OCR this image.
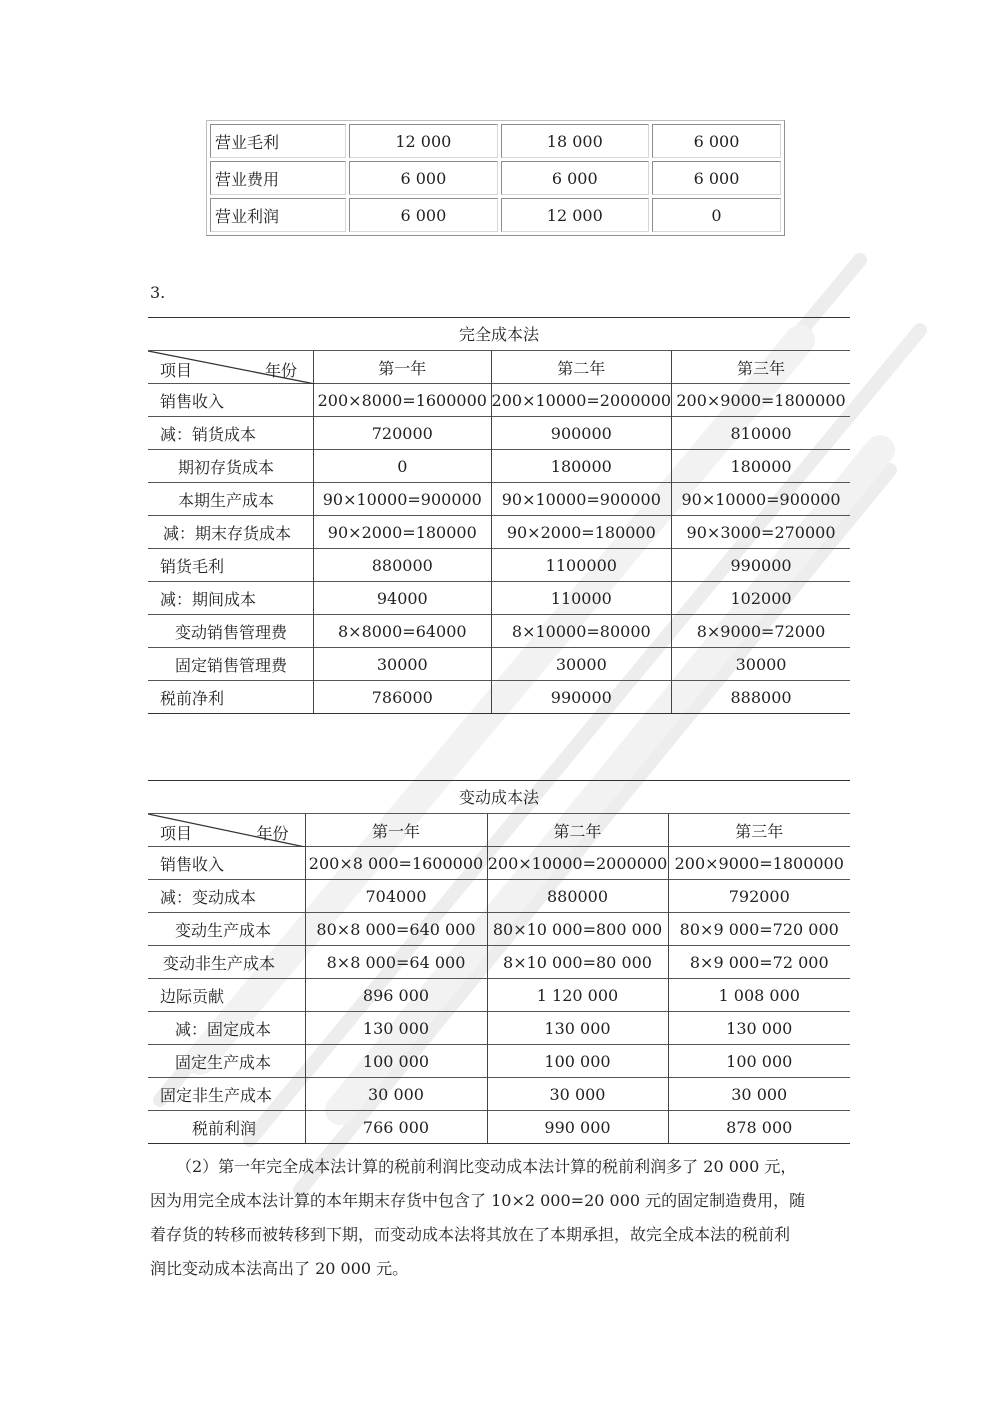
营业毛利	12 000	18 000	6 000
营业费用	6 000	6 000	6 000
营业利润	6 000	12 000	0
3.
完全成本法
项目 年份	第一年	第二年	第三年
销售收入	200×8000=1600000	200×10000=2000000	200×9000=1800000
减：销货成本	720000	900000	810000
期初存货成本	0	180000	180000
本期生产成本	90×10000=900000	90×10000=900000	90×10000=900000
减：期末存货成本	90×2000=180000	90×2000=180000	90×3000=270000
销货毛利	880000	1100000	990000
减：期间成本	94000	110000	102000
变动销售管理费	8×8000=64000	8×10000=80000	8×9000=72000
固定销售管理费	30000	30000	30000
税前净利	786000	990000	888000
变动成本法
项目 年份	第一年	第二年	第三年
销售收入	200×8 000=1600000	200×10000=2000000	200×9000=1800000
减：变动成本	704000	880000	792000
变动生产成本	80×8 000=640 000	80×10 000=800 000	80×9 000=720 000
变动非生产成本	8×8 000=64 000	8×10 000=80 000	8×9 000=72 000
边际贡献	896 000	1 120 000	1 008 000
减：固定成本	130 000	130 000	130 000
固定生产成本	100 000	100 000	100 000
固定非生产成本	30 000	30 000	30 000
税前利润	766 000	990 000	878 000
（2）第一年完全成本法计算的税前利润比变动成本法计算的税前利润多了 20 000 元，
因为用完全成本法计算的本年期末存货中包含了 10×2 000=20 000 元的固定制造费用，随
着存货的转移而被转移到下期，而变动成本法将其放在了本期承担，故完全成本法的税前利
润比变动成本法高出了 20 000 元。
